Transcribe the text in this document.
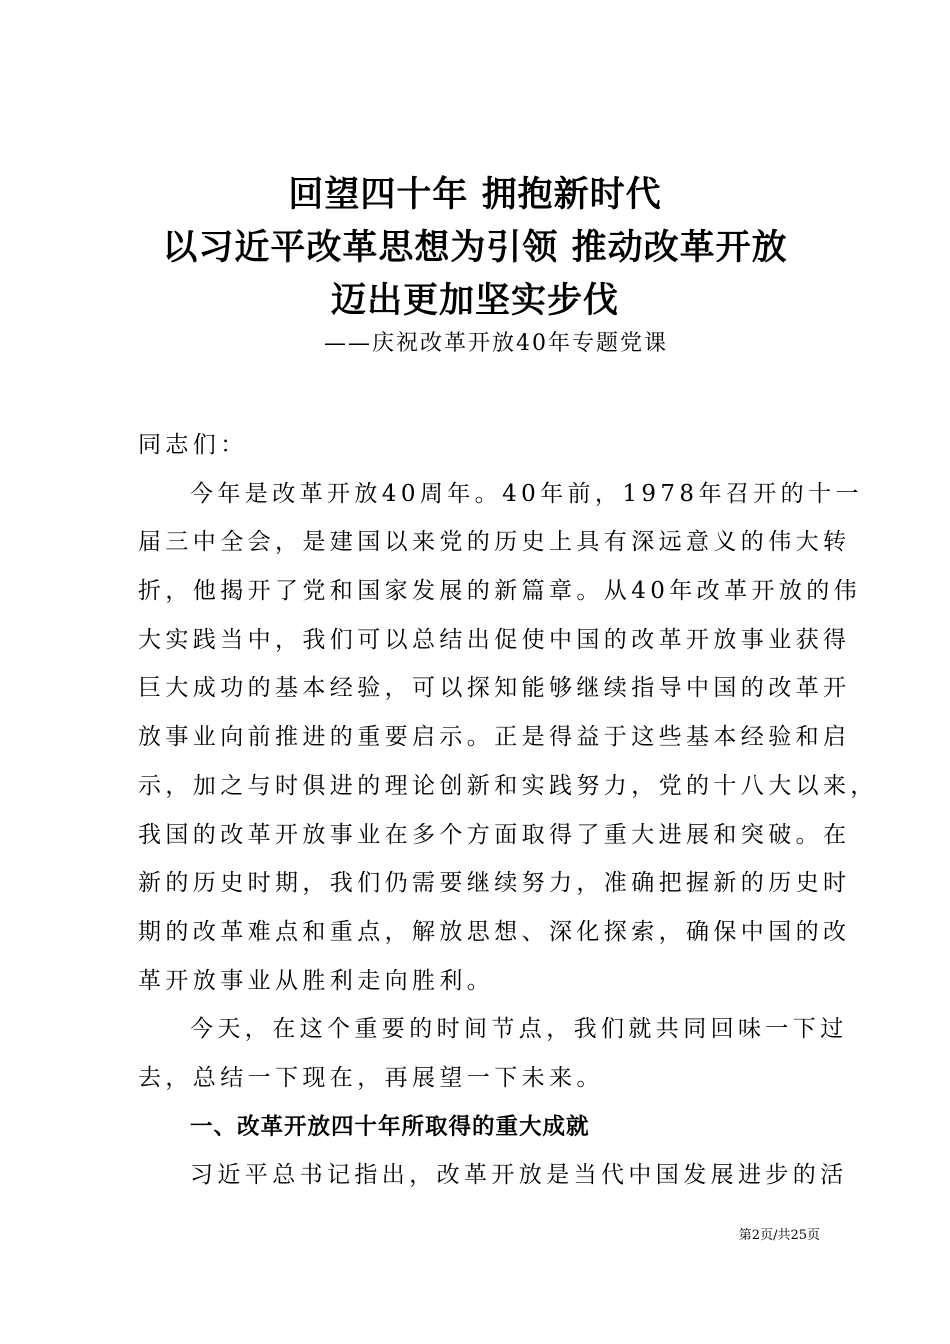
回望四十年 拥抱新时代
以习近平改革思想为引领 推动改革开放
迈出更加坚实步伐
——庆祝改革开放40年专题党课
同志们：
今年是改革开放40周年。40年前，1978年召开的十一
届三中全会，是建国以来党的历史上具有深远意义的伟大转
折，他揭开了党和国家发展的新篇章。从40年改革开放的伟
大实践当中，我们可以总结出促使中国的改革开放事业获得
巨大成功的基本经验，可以探知能够继续指导中国的改革开
放事业向前推进的重要启示。正是得益于这些基本经验和启
示，加之与时俱进的理论创新和实践努力，党的十八大以来，
我国的改革开放事业在多个方面取得了重大进展和突破。在
新的历史时期，我们仍需要继续努力，准确把握新的历史时
期的改革难点和重点，解放思想、深化探索，确保中国的改
革开放事业从胜利走向胜利。
今天，在这个重要的时间节点，我们就共同回味一下过
去，总结一下现在，再展望一下未来。
一、改革开放四十年所取得的重大成就
习近平总书记指出，改革开放是当代中国发展进步的活
第2页/共25页
